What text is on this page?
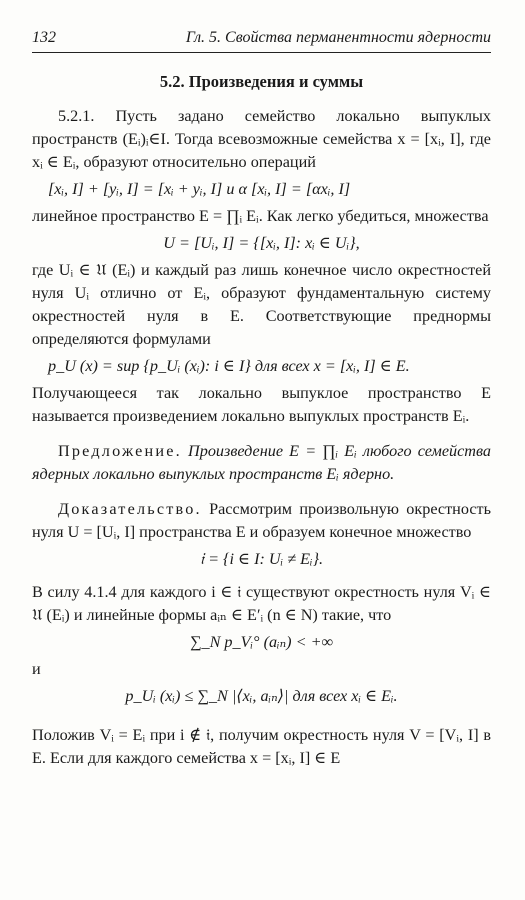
132	Гл. 5. Свойства перманентности ядерности
5.2. Произведения и суммы

5.2.1. Пусть задано семейство локально выпуклых пространств (Eᵢ)ᵢ∈I. Тогда всевозможные семейства x = [xᵢ, I], где xᵢ ∈ Eᵢ, образуют относительно операций

[xᵢ, I] + [yᵢ, I] = [xᵢ + yᵢ, I] и α [xᵢ, I] = [αxᵢ, I]

линейное пространство E = ∏ᵢ Eᵢ. Как легко убедиться, множества

U = [Uᵢ, I] = {[xᵢ, I]: xᵢ ∈ Uᵢ},

где Uᵢ ∈ 𝔘 (Eᵢ) и каждый раз лишь конечное число окрестностей нуля Uᵢ отлично от Eᵢ, образуют фундаментальную систему окрестностей нуля в E. Соответствующие преднормы определяются формулами

p_U (x) = sup {p_Uᵢ (xᵢ): i ∈ I} для всех x = [xᵢ, I] ∈ E.

Получающееся так локально выпуклое пространство E называется произведением локально выпуклых пространств Eᵢ.

Предложение. Произведение E = ∏ᵢ Eᵢ любого семейства ядерных локально выпуклых пространств Eᵢ ядерно.

Доказательство. Рассмотрим произвольную окрестность нуля U = [Uᵢ, I] пространства E и образуем конечное множество

𝔦 = {i ∈ I: Uᵢ ≠ Eᵢ}.

В силу 4.1.4 для каждого i ∈ 𝔦 существуют окрестность нуля Vᵢ ∈ 𝔘 (Eᵢ) и линейные формы aᵢₙ ∈ E′ᵢ (n ∈ N) такие, что

∑_N p_Vᵢ° (aᵢₙ) < +∞

и

p_Uᵢ (xᵢ) ≤ ∑_N |⟨xᵢ, aᵢₙ⟩| для всех xᵢ ∈ Eᵢ.

Положив Vᵢ = Eᵢ при i ∉ 𝔦, получим окрестность нуля V = [Vᵢ, I] в E. Если для каждого семейства x = [xᵢ, I] ∈ E
